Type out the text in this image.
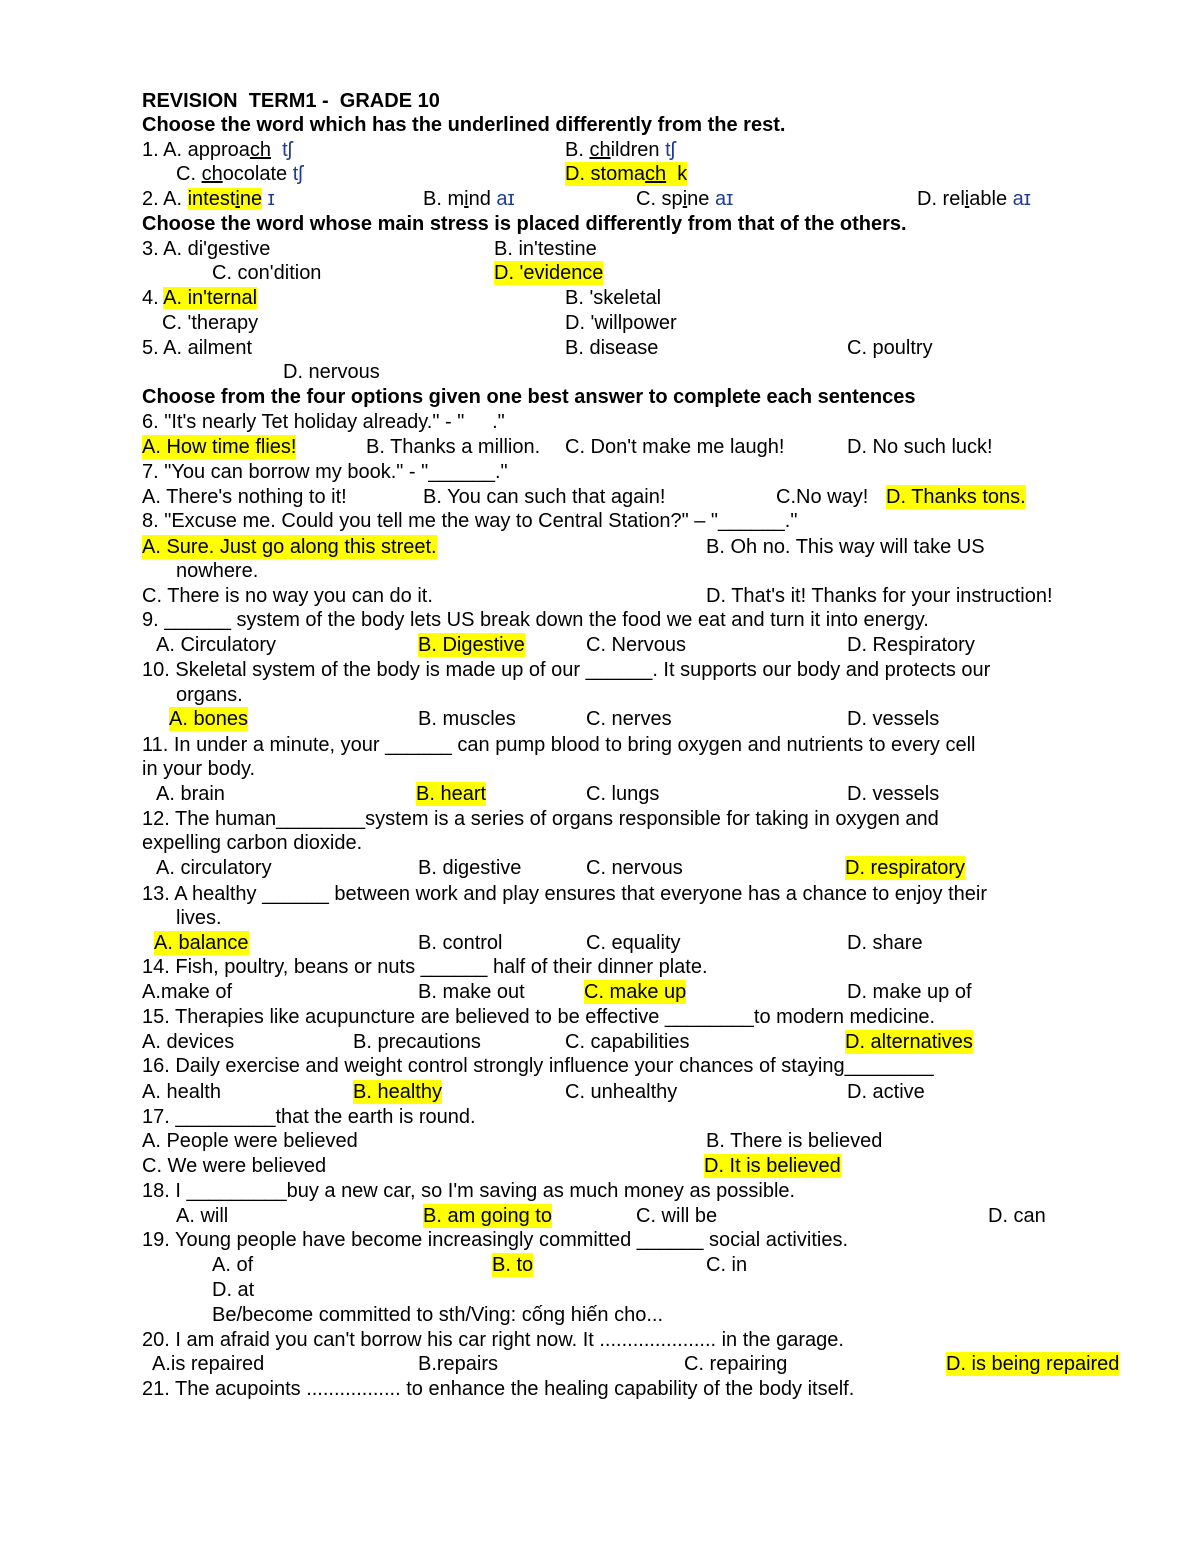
REVISION  TERM1 -  GRADE 10
Choose the word which has the underlined differently from the rest.
1. A. approach tʃ	B. children tʃ
C. chocolate tʃ	D. stomach  k
2. A. intestine ɪ	B. mind aɪ	C. spine aɪ	D. reliable aɪ
Choose the word whose main stress is placed differently from that of the others.
3. A. di'gestive	B. in'testine
C. con'dition	D. 'evidence
4. A. in'ternal	B. 'skeletal
C. 'therapy	D. 'willpower
5. A. ailment	B. disease	C. poultry
D. nervous
Choose from the four options given one best answer to complete each sentences
6. "It's nearly Tet holiday already." - "     ."
A. How time flies!	B. Thanks a million. C. Don't make me laugh!	D. No such luck!
7. "You can borrow my book." - "______."
A. There's nothing to it!	B. You can such that again!	C.No way! D. Thanks tons.
8. "Excuse me. Could you tell me the way to Central Station?" – "______."
A. Sure. Just go along this street.	B. Oh no. This way will take US
nowhere.
C. There is no way you can do it.	D. That's it! Thanks for your instruction!
9. ______ system of the body lets US break down the food we eat and turn it into energy.
A. Circulatory	B. Digestive	C. Nervous	D. Respiratory
10. Skeletal system of the body is made up of our ______. It supports our body and protects our
organs.
A. bones	B. muscles	C. nerves	D. vessels
11. In under a minute, your ______ can pump blood to bring oxygen and nutrients to every cell
in your body.
A. brain	B. heart	C. lungs	D. vessels
12. The human________system is a series of organs responsible for taking in oxygen and
expelling carbon dioxide.
A. circulatory	B. digestive	C. nervous	D. respiratory
13. A healthy ______ between work and play ensures that everyone has a chance to enjoy their
lives.
A. balance	B. control	C. equality	D. share
14. Fish, poultry, beans or nuts ______ half of their dinner plate.
A.make of	B. make out	C. make up	D. make up of
15. Therapies like acupuncture are believed to be effective ________to modern medicine.
A. devices	B. precautions	C. capabilities	D. alternatives
16. Daily exercise and weight control strongly influence your chances of staying________
A. health	B. healthy	C. unhealthy	D. active
17. _________that the earth is round.
A. People were believed	B. There is believed
C. We were believed	D. It is believed
18. I _________buy a new car, so I'm saving as much money as possible.
A. will	B. am going to	C. will be	D. can
19. Young people have become increasingly committed ______ social activities.
A. of	B. to	C. in
D. at
Be/become committed to sth/Ving: cống hiến cho...
20. I am afraid you can't borrow his car right now. It ..................... in the garage.
A.is repaired	B.repairs	C. repairing	D. is being repaired
21. The acupoints ................. to enhance the healing capability of the body itself.
